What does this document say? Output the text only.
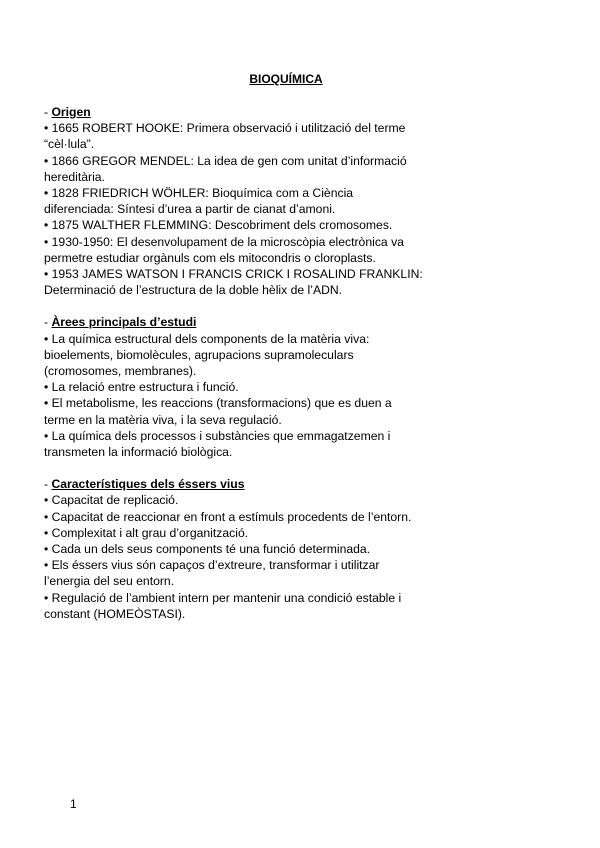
BIOQUÍMICA

- Origen

• 1665 ROBERT HOOKE: Primera observació i utilització del terme “cèl·lula”.
• 1866 GREGOR MENDEL: La idea de gen com unitat d’informació hereditària.
• 1828 FRIEDRICH WÖHLER: Bioquímica com a Ciència diferenciada: Síntesi d’urea a partir de cianat d’amoni.
• 1875 WALTHER FLEMMING: Descobriment dels cromosomes.
• 1930-1950: El desenvolupament de la microscòpia electrònica va permetre estudiar orgànuls com els mitocondris o cloroplasts.
• 1953 JAMES WATSON I FRANCIS CRICK I ROSALIND FRANKLIN: Determinació de l’estructura de la doble hèlix de l’ADN.

- Àrees principals d’estudi

• La química estructural dels components de la matèria viva: bioelements, biomolècules, agrupacions supramoleculars (cromosomes, membranes).
• La relació entre estructura i funció.
• El metabolisme, les reaccions (transformacions) que es duen a terme en la matèria viva, i la seva regulació.
• La química dels processos i substàncies que emmagatzemen i transmeten la informació biològica.

- Característiques dels éssers vius

• Capacitat de replicació.
• Capacitat de reaccionar en front a estímuls procedents de l’entorn.
• Complexitat i alt grau d’organització.
• Cada un dels seus components té una funció determinada.
• Els éssers vius són capaços d’extreure, transformar i utilitzar l’energia del seu entorn.
• Regulació de l’ambient intern per mantenir una condició estable i constant (HOMEÒSTASI).
1
